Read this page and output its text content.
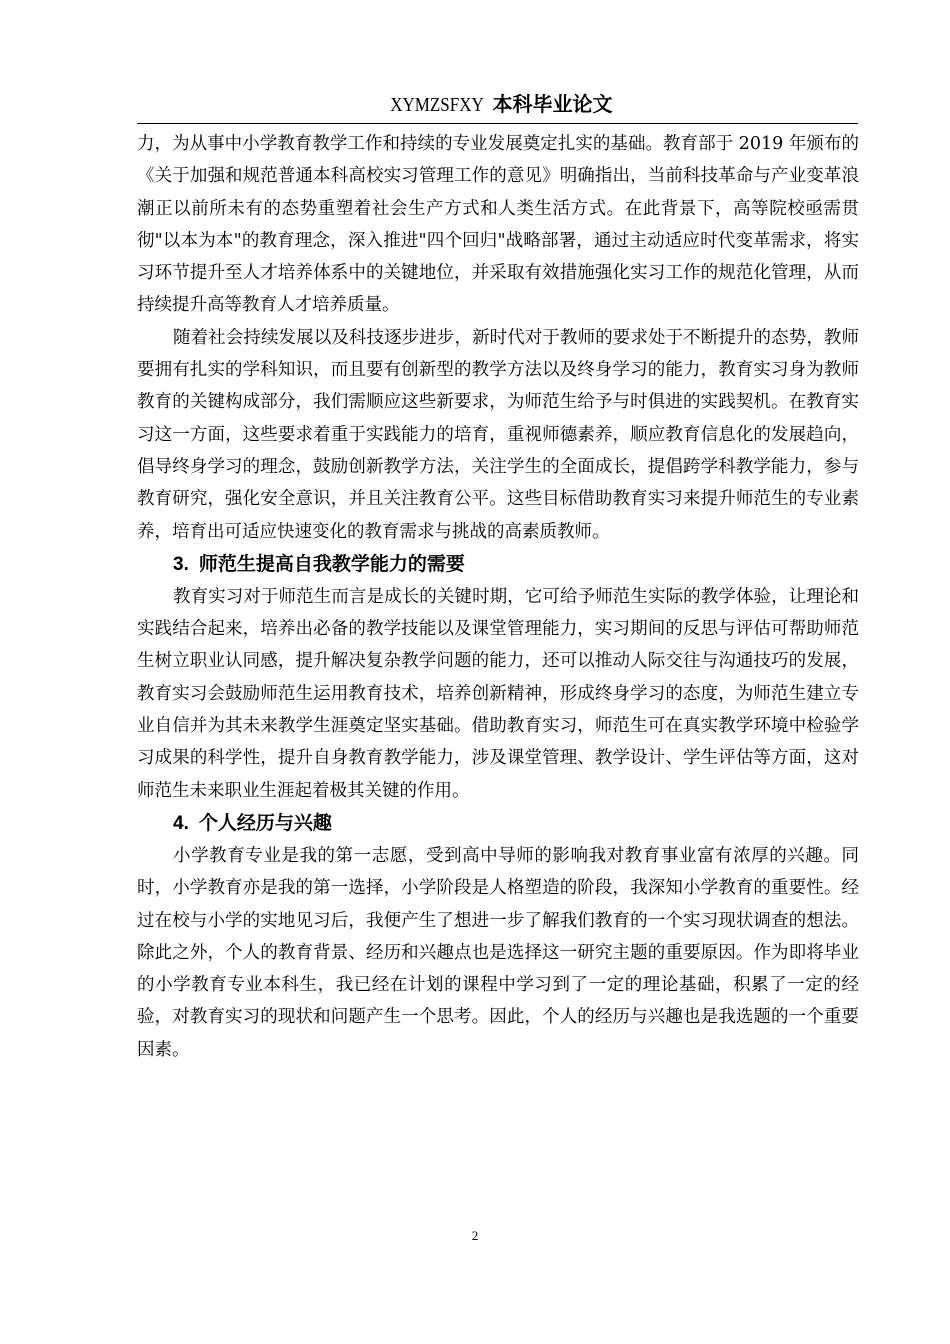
XYMZSFXY 本科毕业论文

力，为从事中小学教育教学工作和持续的专业发展奠定扎实的基础。教育部于 2019 年颁布的《关于加强和规范普通本科高校实习管理工作的意见》明确指出，当前科技革命与产业变革浪潮正以前所未有的态势重塑着社会生产方式和人类生活方式。在此背景下，高等院校亟需贯彻"以本为本"的教育理念，深入推进"四个回归"战略部署，通过主动适应时代变革需求，将实习环节提升至人才培养体系中的关键地位，并采取有效措施强化实习工作的规范化管理，从而持续提升高等教育人才培养质量。

随着社会持续发展以及科技逐步进步，新时代对于教师的要求处于不断提升的态势，教师要拥有扎实的学科知识，而且要有创新型的教学方法以及终身学习的能力，教育实习身为教师教育的关键构成部分，我们需顺应这些新要求，为师范生给予与时俱进的实践契机。在教育实习这一方面，这些要求着重于实践能力的培育，重视师德素养，顺应教育信息化的发展趋向，倡导终身学习的理念，鼓励创新教学方法，关注学生的全面成长，提倡跨学科教学能力，参与教育研究，强化安全意识，并且关注教育公平。这些目标借助教育实习来提升师范生的专业素养，培育出可适应快速变化的教育需求与挑战的高素质教师。

3. 师范生提高自我教学能力的需要

教育实习对于师范生而言是成长的关键时期，它可给予师范生实际的教学体验，让理论和实践结合起来，培养出必备的教学技能以及课堂管理能力，实习期间的反思与评估可帮助师范生树立职业认同感，提升解决复杂教学问题的能力，还可以推动人际交往与沟通技巧的发展，教育实习会鼓励师范生运用教育技术，培养创新精神，形成终身学习的态度，为师范生建立专业自信并为其未来教学生涯奠定坚实基础。借助教育实习，师范生可在真实教学环境中检验学习成果的科学性，提升自身教育教学能力，涉及课堂管理、教学设计、学生评估等方面，这对师范生未来职业生涯起着极其关键的作用。

4. 个人经历与兴趣

小学教育专业是我的第一志愿，受到高中导师的影响我对教育事业富有浓厚的兴趣。同时，小学教育亦是我的第一选择，小学阶段是人格塑造的阶段，我深知小学教育的重要性。经过在校与小学的实地见习后，我便产生了想进一步了解我们教育的一个实习现状调查的想法。除此之外，个人的教育背景、经历和兴趣点也是选择这一研究主题的重要原因。作为即将毕业的小学教育专业本科生，我已经在计划的课程中学习到了一定的理论基础，积累了一定的经验，对教育实习的现状和问题产生一个思考。因此，个人的经历与兴趣也是我选题的一个重要因素。

2
